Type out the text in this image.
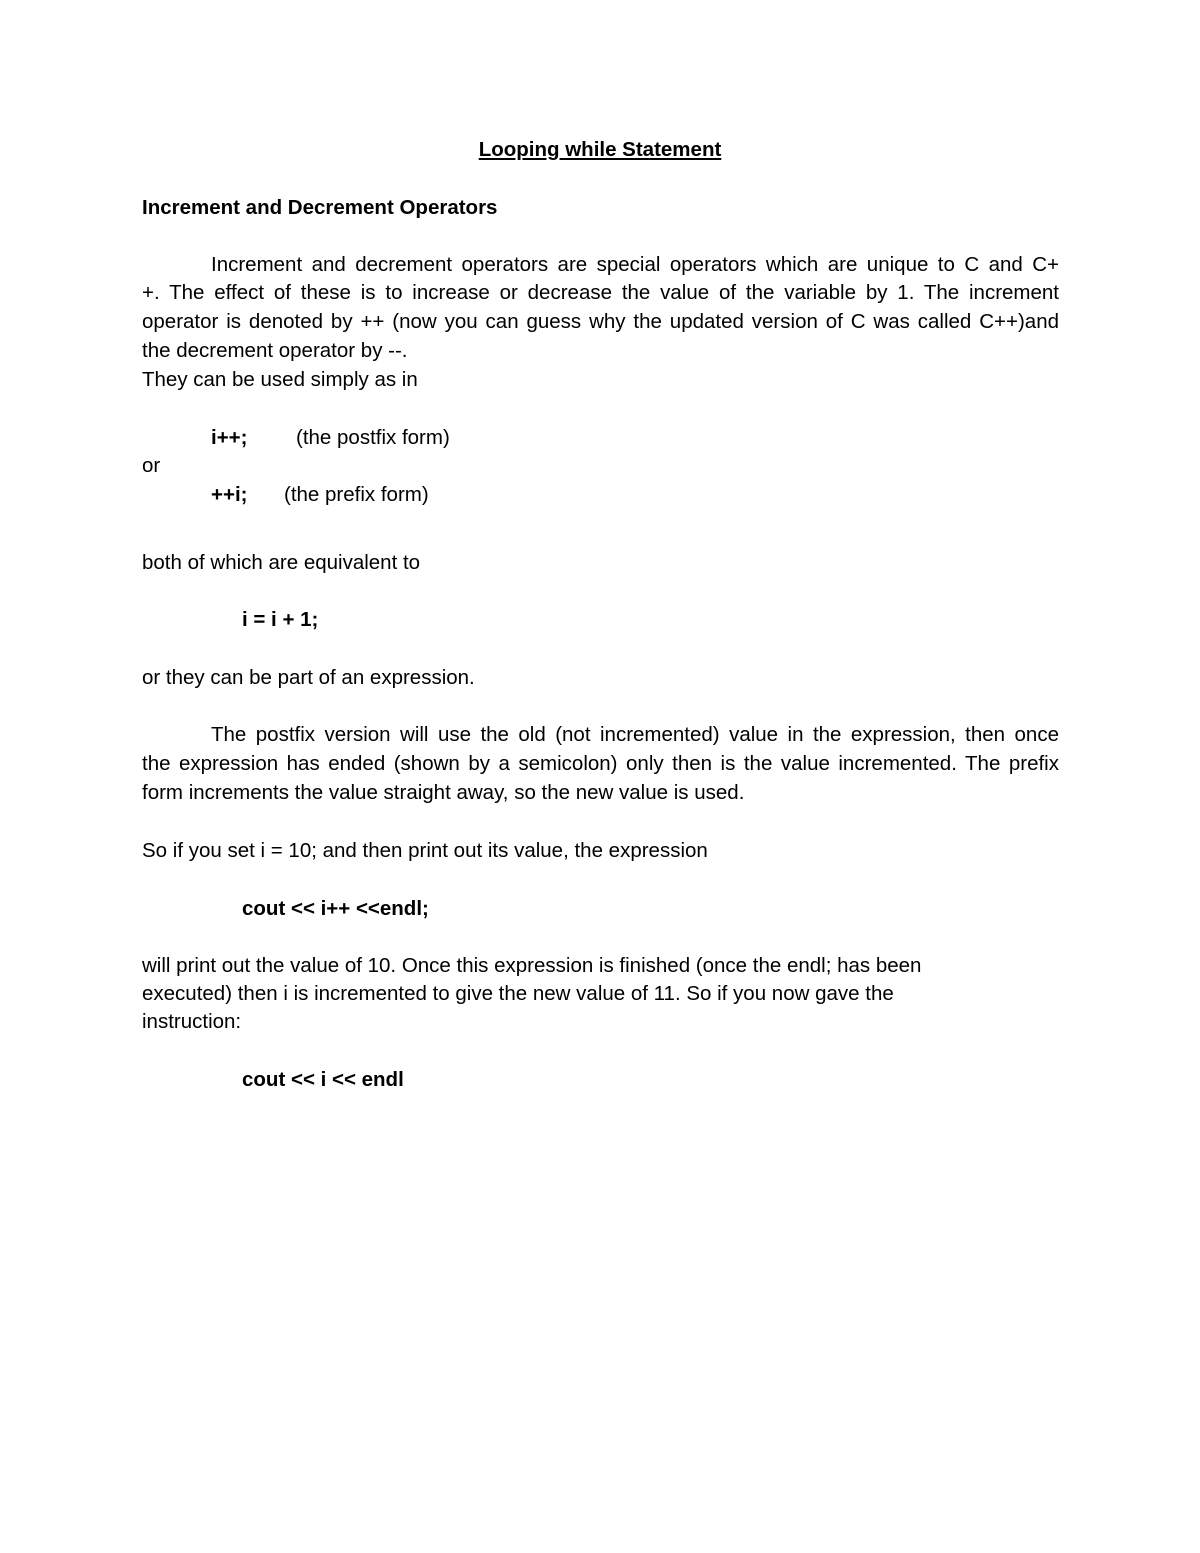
Looping while Statement
Increment and Decrement Operators
Increment and decrement operators are special operators which are unique to C and C+
+. The effect of these is to increase or decrease the value of the variable by 1. The increment
operator is denoted by ++ (now you can guess why the updated version of C was called C++)and
the decrement operator by --.
They can be used simply as in
i++; (the postfix form)
or
++i; (the prefix form)
both of which are equivalent to
i = i + 1;
or they can be part of an expression.
The postfix version will use the old (not incremented) value in the expression, then once
the expression has ended (shown by a semicolon) only then is the value incremented. The prefix
form increments the value straight away, so the new value is used.
So if you set i = 10; and then print out its value, the expression
cout << i++ <<endl;
will print out the value of 10. Once this expression is finished (once the endl; has been
executed) then i is incremented to give the new value of 11. So if you now gave the
instruction:
cout << i << endl
